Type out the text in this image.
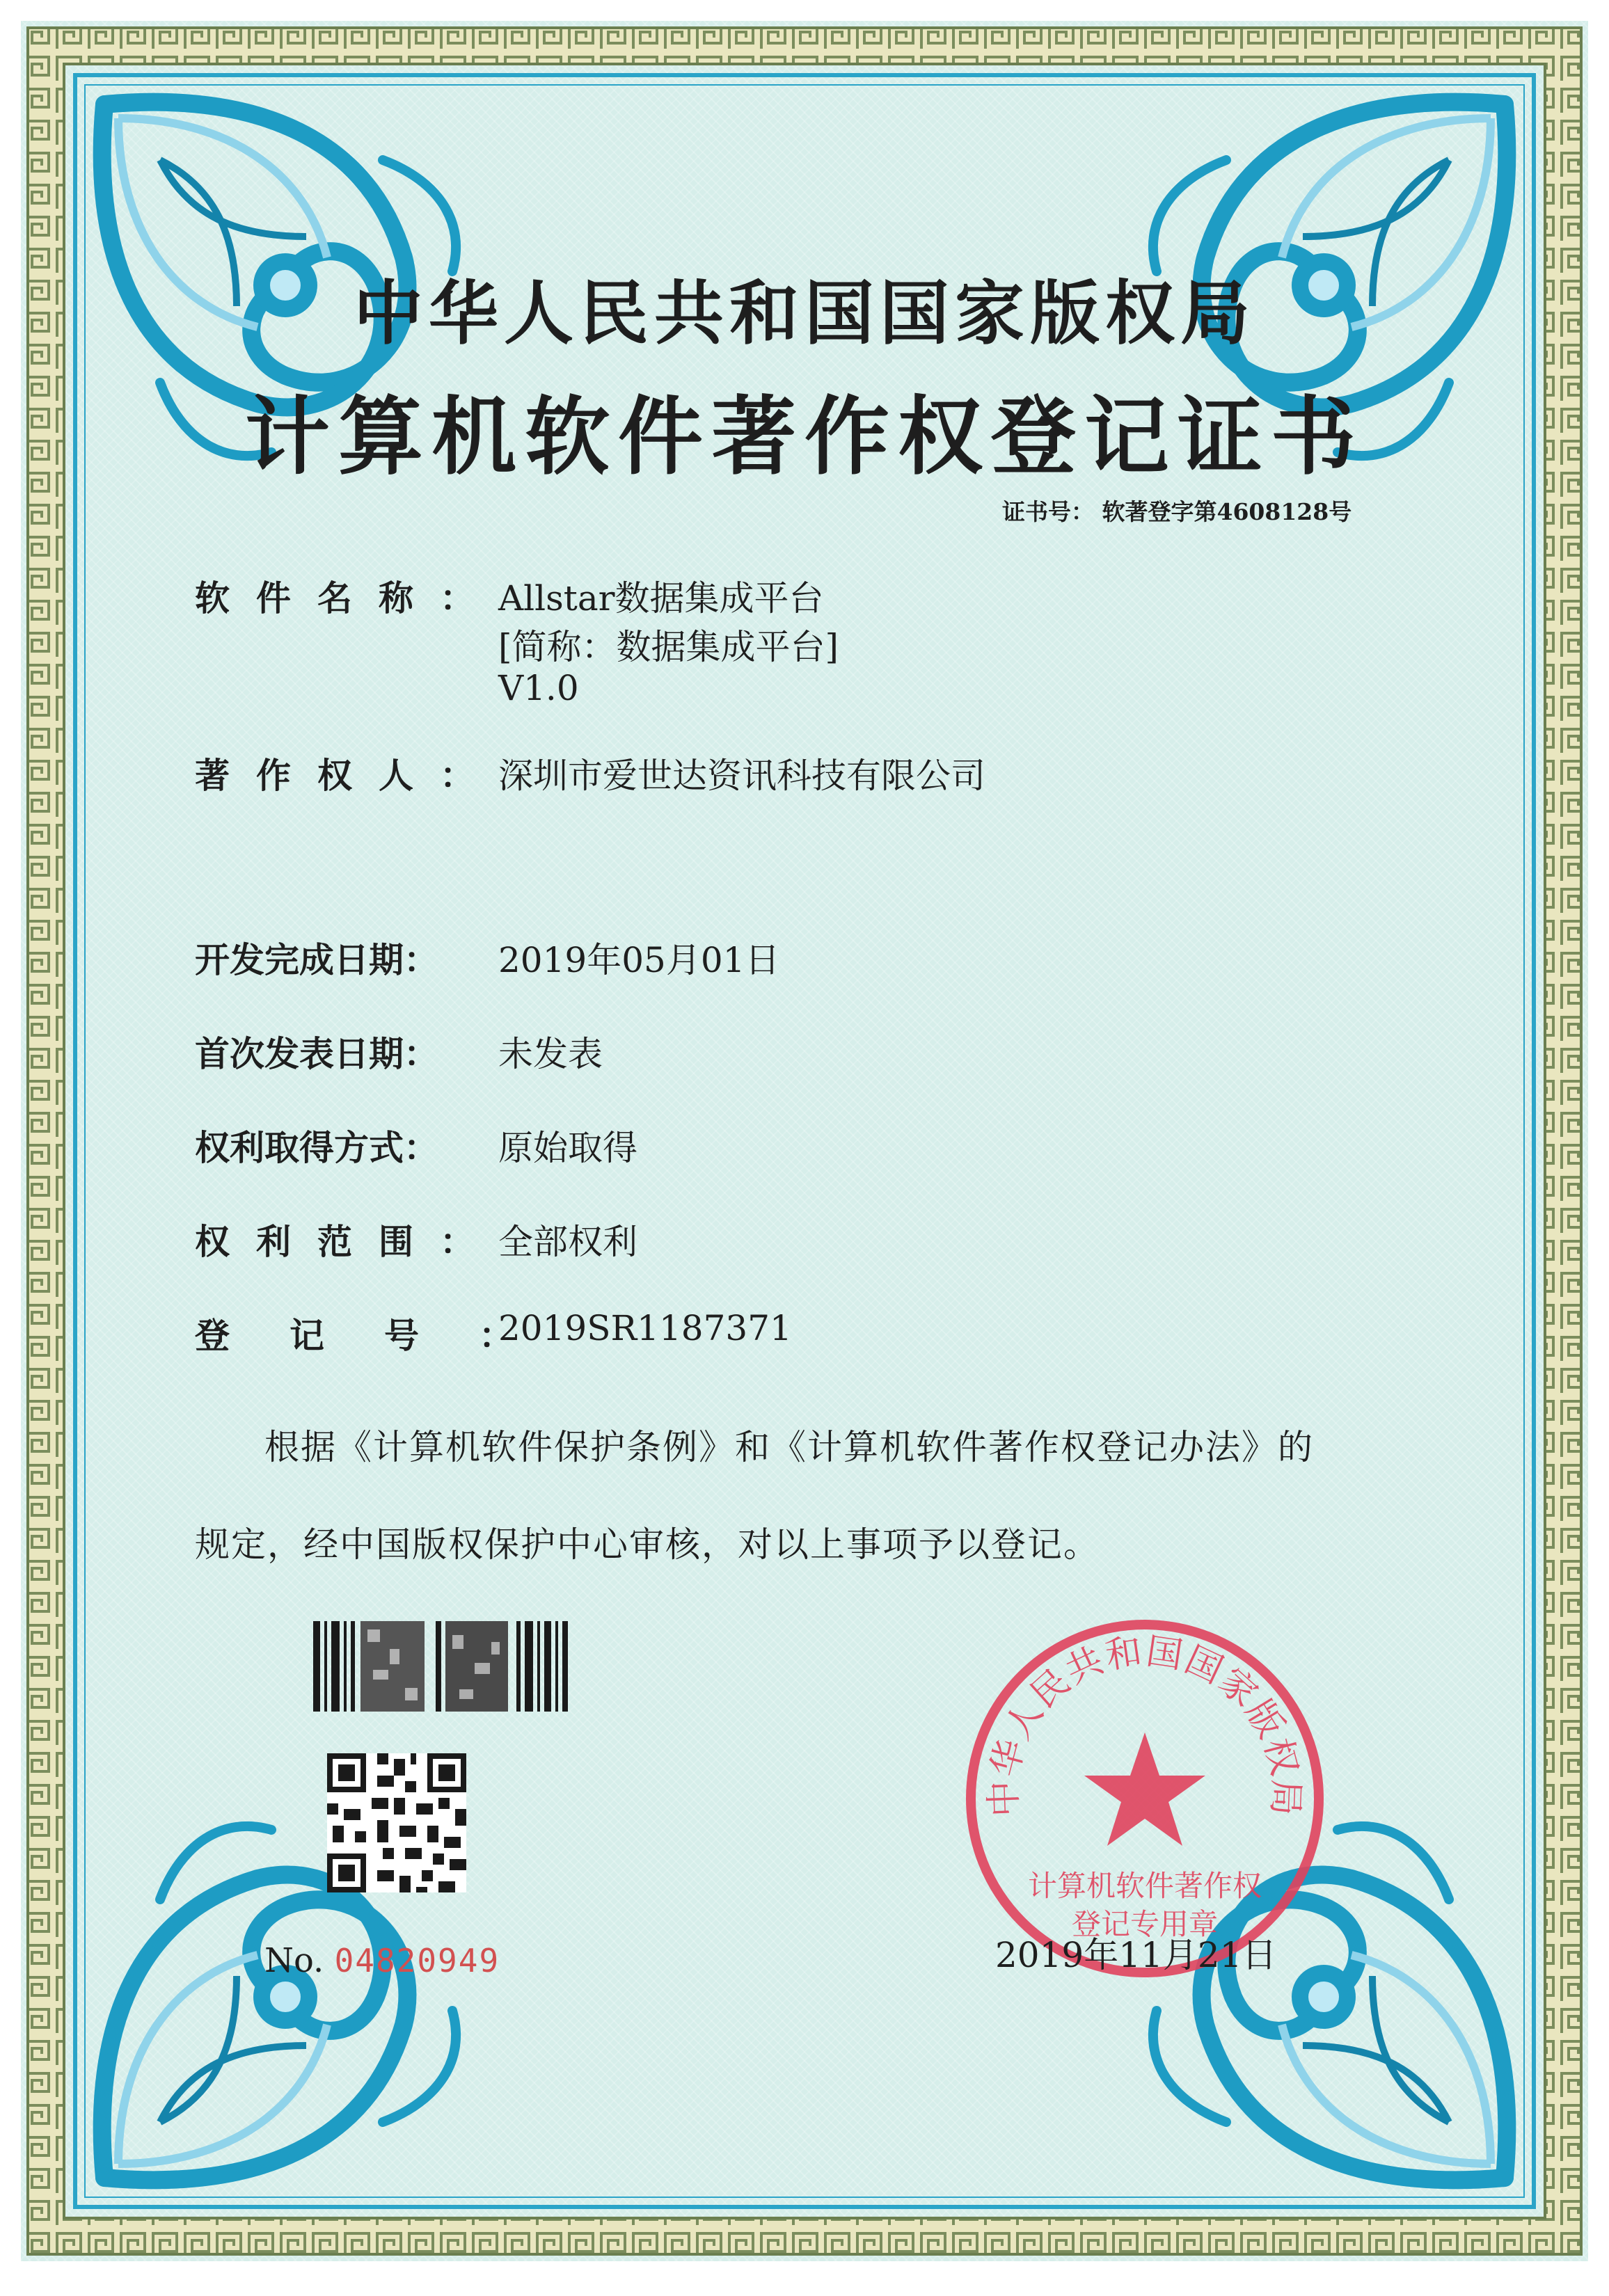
中华人民共和国国家版权局
计算机软件著作权登记证书
证书号： 软著登字第4608128号
软件名称：
Allstar数据集成平台
[简称：数据集成平台]
V1.0
著作权人：
深圳市爱世达资讯科技有限公司
开发完成日期： 2019年05月01日
首次发表日期： 未发表
权利取得方式： 原始取得
权利范围：
全部权利
登记号：
2019SR1187371
根据《计算机软件保护条例》和《计算机软件著作权登记办法》的
规定，经中国版权保护中心审核，对以上事项予以登记。
No. 04820949
中华人民共和国国家版权局
计算机软件著作权
登记专用章
2019年11月21日
